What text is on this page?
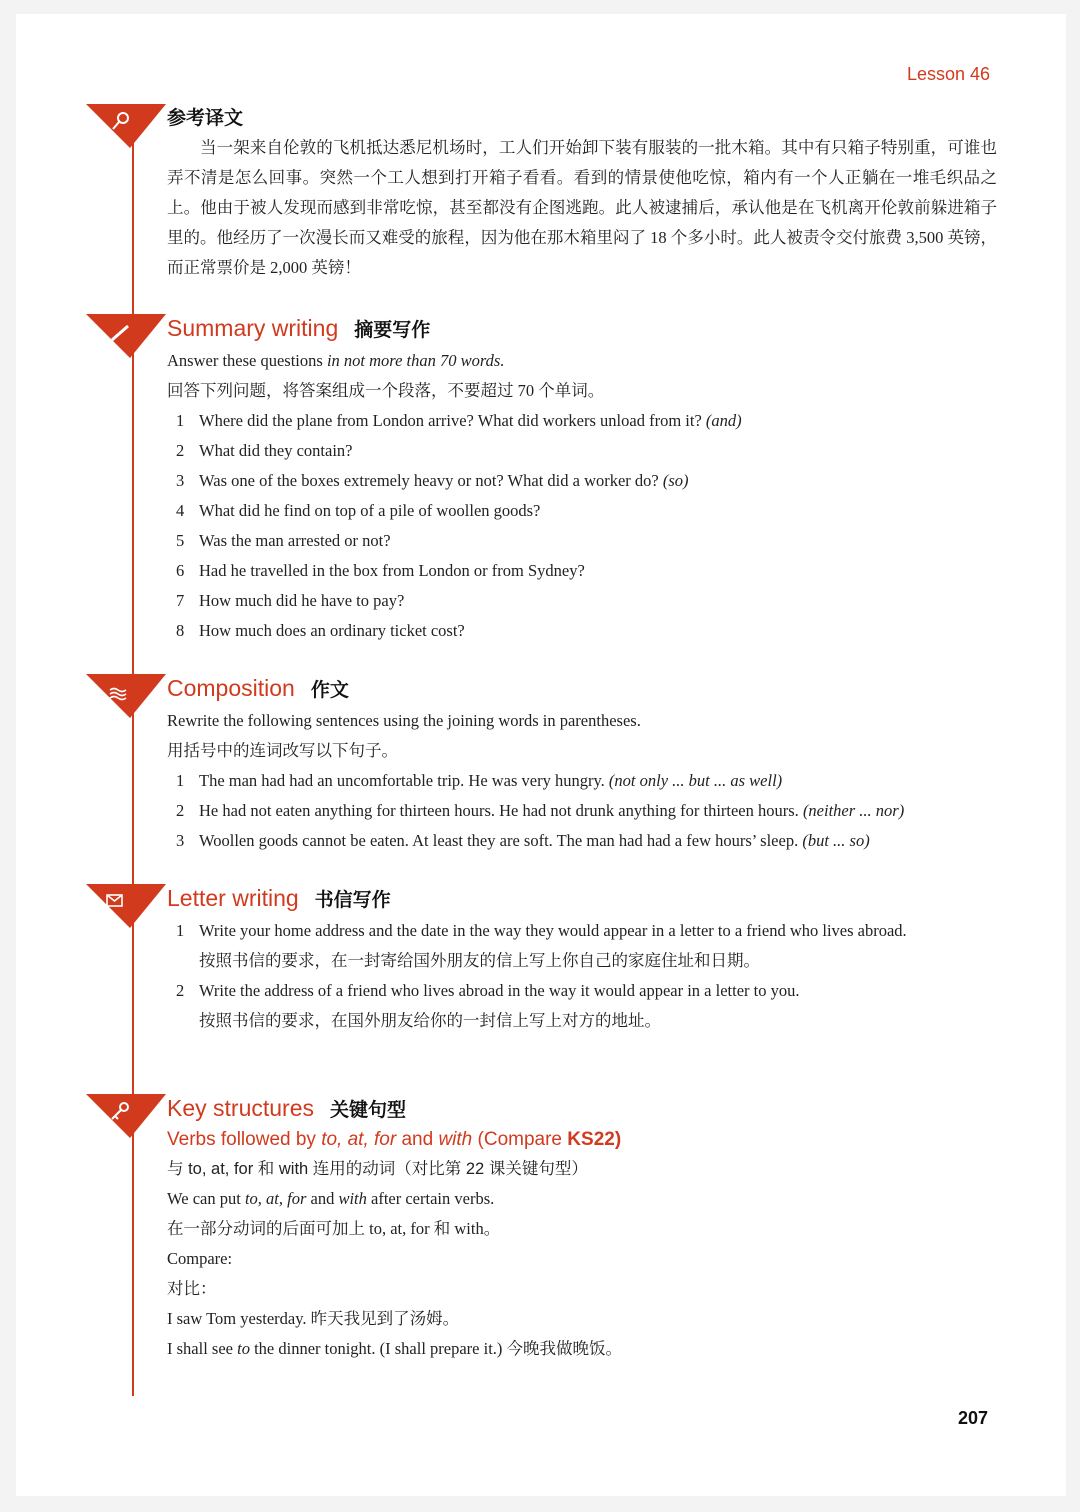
Lesson 46
参考译文
当一架来自伦敦的飞机抵达悉尼机场时，工人们开始卸下装有服装的一批木箱。其中有只箱子特别重，可谁也弄不清是怎么回事。突然一个工人想到打开箱子看看。看到的情景使他吃惊，箱内有一个人正躺在一堆毛织品之上。他由于被人发现而感到非常吃惊，甚至都没有企图逃跑。此人被逮捕后，承认他是在飞机离开伦敦前躲进箱子里的。他经历了一次漫长而又难受的旅程，因为他在那木箱里闷了 18 个多小时。此人被责令交付旅费 3,500 英镑，而正常票价是 2,000 英镑！
Summary writing 摘要写作
Answer these questions in not more than 70 words.
回答下列问题，将答案组成一个段落，不要超过 70 个单词。
1 Where did the plane from London arrive? What did workers unload from it? (and)
2 What did they contain?
3 Was one of the boxes extremely heavy or not? What did a worker do? (so)
4 What did he find on top of a pile of woollen goods?
5 Was the man arrested or not?
6 Had he travelled in the box from London or from Sydney?
7 How much did he have to pay?
8 How much does an ordinary ticket cost?
Composition 作文
Rewrite the following sentences using the joining words in parentheses.
用括号中的连词改写以下句子。
1 The man had had an uncomfortable trip. He was very hungry. (not only ... but ... as well)
2 He had not eaten anything for thirteen hours. He had not drunk anything for thirteen hours. (neither ... nor)
3 Woollen goods cannot be eaten. At least they are soft. The man had had a few hours’ sleep. (but ... so)
Letter writing 书信写作
1 Write your home address and the date in the way they would appear in a letter to a friend who lives abroad.
按照书信的要求，在一封寄给国外朋友的信上写上你自己的家庭住址和日期。
2 Write the address of a friend who lives abroad in the way it would appear in a letter to you.
按照书信的要求，在国外朋友给你的一封信上写上对方的地址。
Key structures 关键句型
Verbs followed by to, at, for and with (Compare KS22)
与 to, at, for 和 with 连用的动词（对比第 22 课关键句型）
We can put to, at, for and with after certain verbs.
在一部分动词的后面可加上 to, at, for 和 with。
Compare:
对比：
I saw Tom yesterday. 昨天我见到了汤姆。
I shall see to the dinner tonight. (I shall prepare it.) 今晚我做晚饭。
207
